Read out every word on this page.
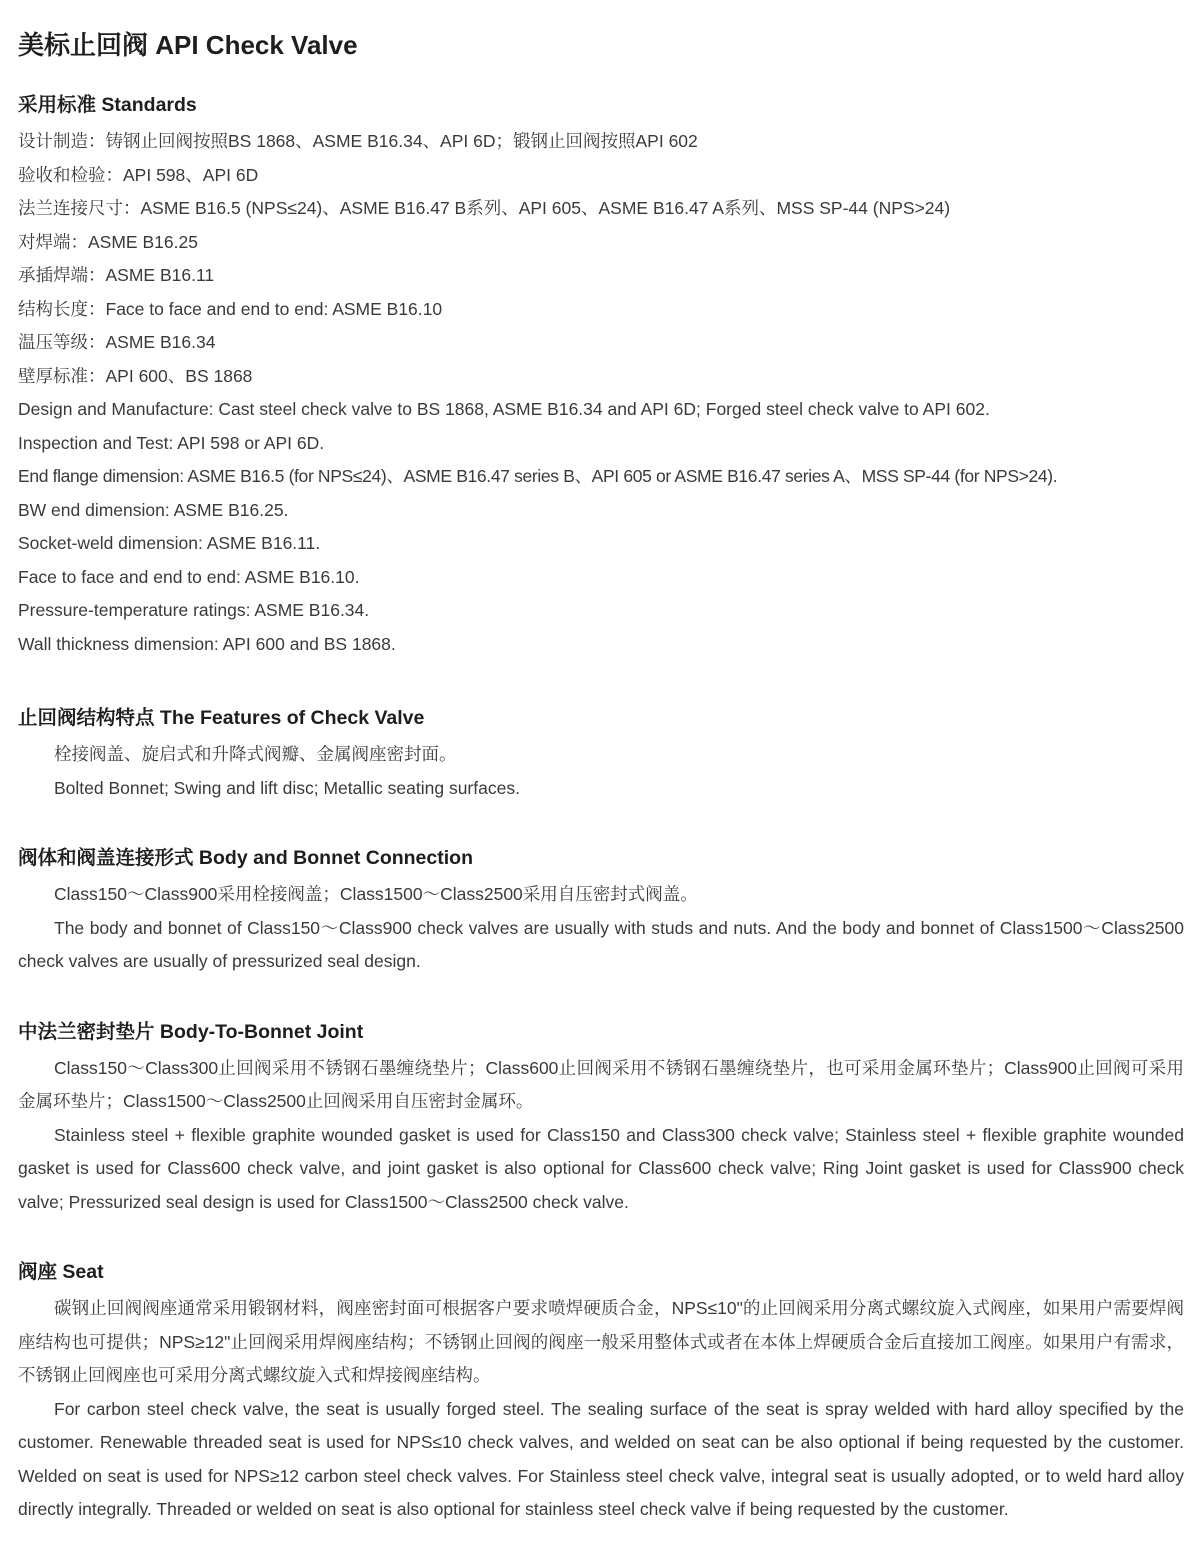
美标止回阀 API Check Valve
采用标准 Standards

设计制造：铸钢止回阀按照BS 1868、ASME B16.34、API 6D；锻钢止回阀按照API 602

验收和检验：API 598、API 6D

法兰连接尺寸：ASME B16.5 (NPS≤24)、ASME B16.47 B系列、API 605、ASME B16.47 A系列、MSS SP-44 (NPS>24)

对焊端：ASME B16.25

承插焊端：ASME B16.11

结构长度：Face to face and end to end: ASME B16.10

温压等级：ASME B16.34

壁厚标准：API 600、BS 1868

Design and Manufacture: Cast steel check valve to BS 1868, ASME B16.34 and API 6D; Forged steel check valve to API 602.

Inspection and Test: API 598 or API 6D.

End flange dimension: ASME B16.5 (for NPS≤24)、ASME B16.47 series B、API 605 or ASME B16.47 series A、MSS SP-44 (for NPS>24).

BW end dimension: ASME B16.25.

Socket-weld dimension: ASME B16.11.

Face to face and end to end: ASME B16.10.

Pressure-temperature ratings: ASME B16.34.

Wall thickness dimension: API 600 and BS 1868.

止回阀结构特点 The Features of Check Valve

栓接阀盖、旋启式和升降式阀瓣、金属阀座密封面。

Bolted Bonnet; Swing and lift disc; Metallic seating surfaces.

阀体和阀盖连接形式 Body and Bonnet Connection

Class150～Class900采用栓接阀盖；Class1500～Class2500采用自压密封式阀盖。

The body and bonnet of Class150～Class900 check valves are usually with studs and nuts. And the body and bonnet of Class1500～Class2500 check valves are usually of pressurized seal design.

中法兰密封垫片 Body-To-Bonnet Joint

Class150～Class300止回阀采用不锈钢石墨缠绕垫片；Class600止回阀采用不锈钢石墨缠绕垫片，也可采用金属环垫片；Class900止回阀可采用金属环垫片；Class1500～Class2500止回阀采用自压密封金属环。

Stainless steel + flexible graphite wounded gasket is used for Class150 and Class300 check valve; Stainless steel + flexible graphite wounded gasket is used for Class600 check valve, and joint gasket is also optional for Class600 check valve; Ring Joint gasket is used for Class900 check valve; Pressurized seal design is used for Class1500～Class2500 check valve.

阀座 Seat

碳钢止回阀阀座通常采用锻钢材料，阀座密封面可根据客户要求喷焊硬质合金，NPS≤10"的止回阀采用分离式螺纹旋入式阀座，如果用户需要焊阀座结构也可提供；NPS≥12"止回阀采用焊阀座结构；不锈钢止回阀的阀座一般采用整体式或者在本体上焊硬质合金后直接加工阀座。如果用户有需求，不锈钢止回阀座也可采用分离式螺纹旋入式和焊接阀座结构。

For carbon steel check valve, the seat is usually forged steel. The sealing surface of the seat is spray welded with hard alloy specified by the customer. Renewable threaded seat is used for NPS≤10 check valves, and welded on seat can be also optional if being requested by the customer. Welded on seat is used for NPS≥12 carbon steel check valves. For Stainless steel check valve, integral seat is usually adopted, or to weld hard alloy directly integrally. Threaded or welded on seat is also optional for stainless steel check valve if being requested by the customer.
